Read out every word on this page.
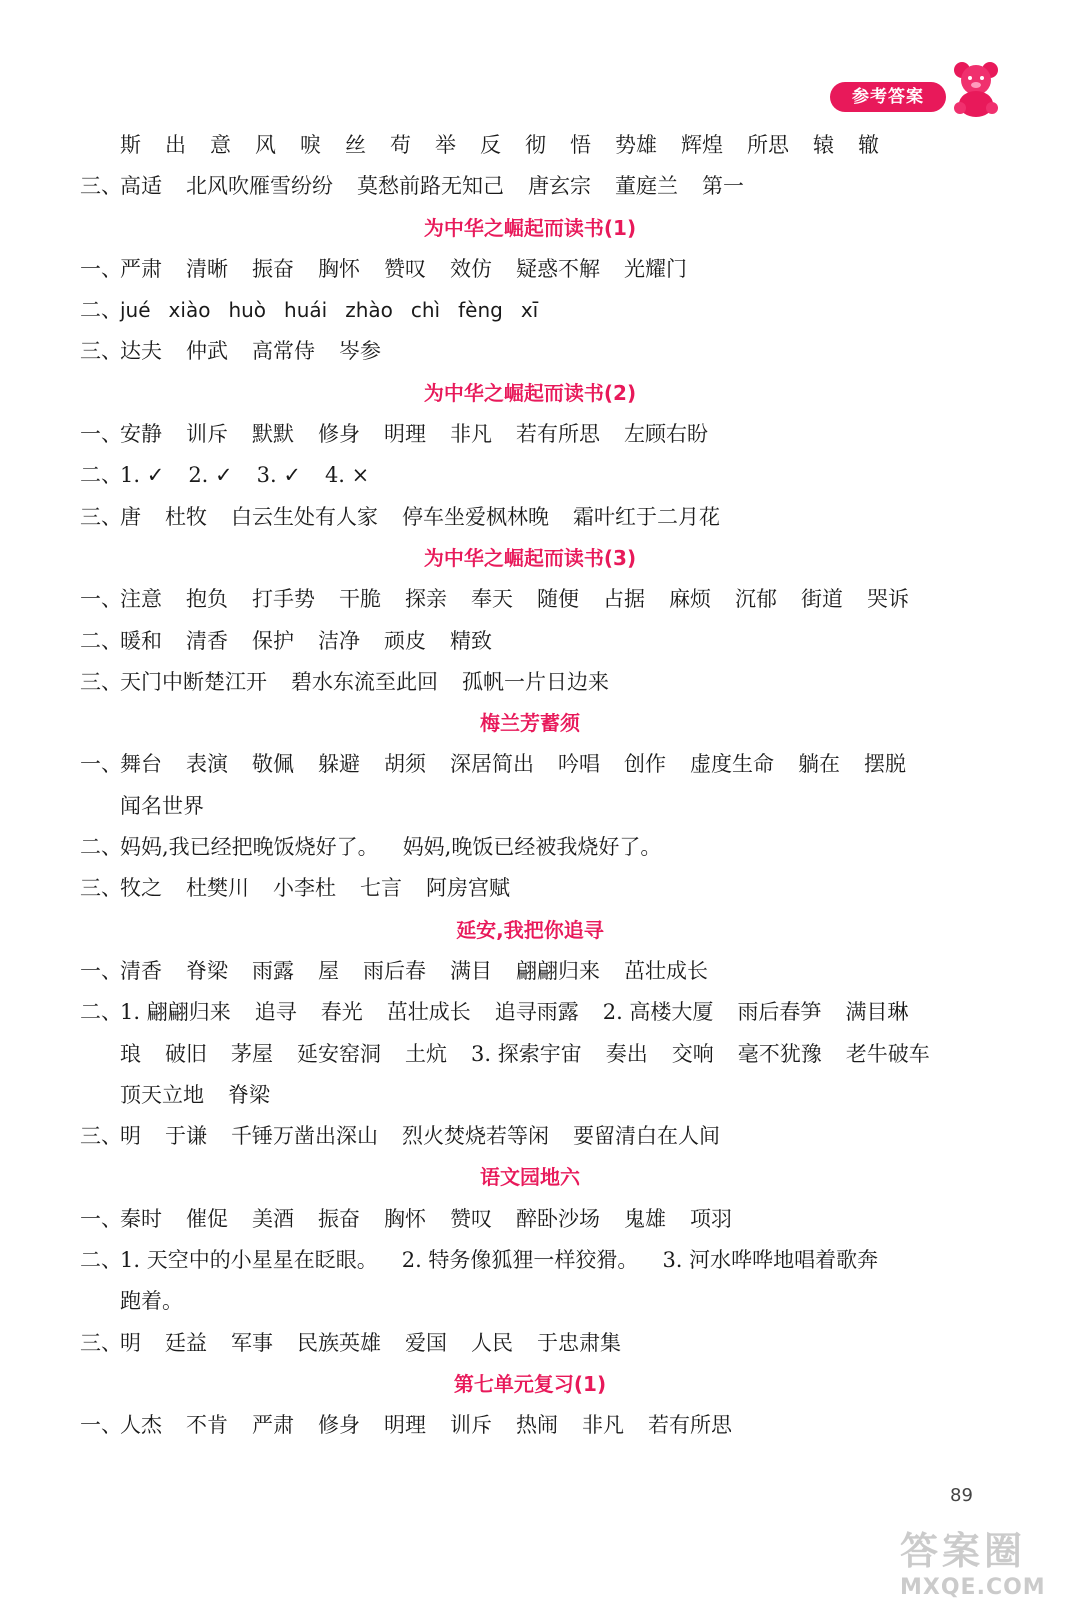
参考答案
斯 出 意 风 唳 丝 苟 举 反 彻 悟 势雄 辉煌 所思 辕 辙
三、高适 北风吹雁雪纷纷 莫愁前路无知己 唐玄宗 董庭兰 第一
为中华之崛起而读书(1)
一、严肃 清晰 振奋 胸怀 赞叹 效仿 疑惑不解 光耀门
二、jué xiào huò huái zhào chì fèng xī
三、达夫 仲武 高常侍 岑参
为中华之崛起而读书(2)
一、安静 训斥 默默 修身 明理 非凡 若有所思 左顾右盼
二、1. ✓ 2. ✓ 3. ✓ 4. ×
三、唐 杜牧 白云生处有人家 停车坐爱枫林晚 霜叶红于二月花
为中华之崛起而读书(3)
一、注意 抱负 打手势 干脆 探亲 奉天 随便 占据 麻烦 沉郁 街道 哭诉
二、暖和 清香 保护 洁净 顽皮 精致
三、天门中断楚江开 碧水东流至此回 孤帆一片日边来
梅兰芳蓄须
一、舞台 表演 敬佩 躲避 胡须 深居简出 吟唱 创作 虚度生命 躺在 摆脱
闻名世界
二、妈妈,我已经把晚饭烧好了。 妈妈,晚饭已经被我烧好了。
三、牧之 杜樊川 小李杜 七言 阿房宫赋
延安,我把你追寻
一、清香 脊梁 雨露 屋 雨后春 满目 翩翩归来 茁壮成长
二、1. 翩翩归来 追寻 春光 茁壮成长 追寻雨露 2. 高楼大厦 雨后春笋 满目琳
琅 破旧 茅屋 延安窑洞 土炕 3. 探索宇宙 奏出 交响 毫不犹豫 老牛破车
顶天立地 脊梁
三、明 于谦 千锤万凿出深山 烈火焚烧若等闲 要留清白在人间
语文园地六
一、秦时 催促 美酒 振奋 胸怀 赞叹 醉卧沙场 鬼雄 项羽
二、1. 天空中的小星星在眨眼。 2. 特务像狐狸一样狡猾。 3. 河水哗哗地唱着歌奔
跑着。
三、明 廷益 军事 民族英雄 爱国 人民 于忠肃集
第七单元复习(1)
一、人杰 不肯 严肃 修身 明理 训斥 热闹 非凡 若有所思
89
答案圈
MXQE.COM
